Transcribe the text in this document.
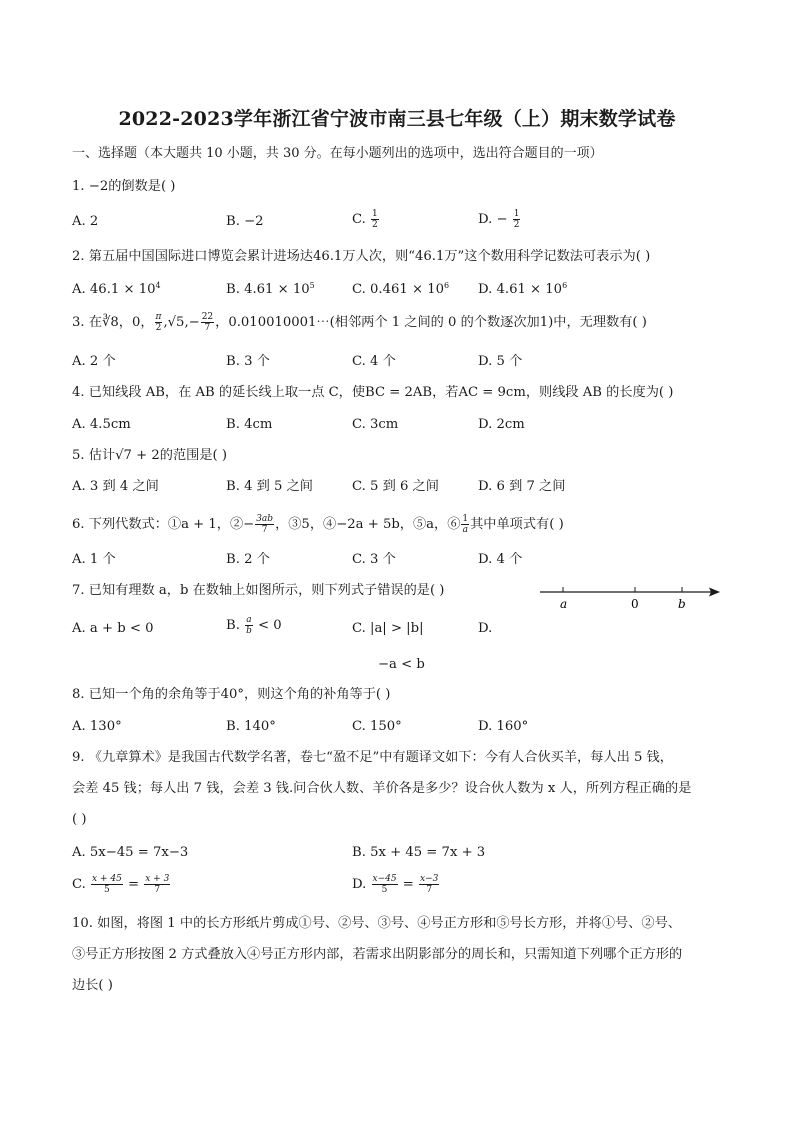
2022-2023学年浙江省宁波市南三县七年级（上）期末数学试卷
一、选择题（本大题共 10 小题，共 30 分。在每小题列出的选项中，选出符合题目的一项）
1. −2的倒数是( )
A. 2	B. −2	C. $\frac{1}{2}$	D. − $\frac{1}{2}$
2. 第五届中国国际进口博览会累计进场达46.1万人次，则“46.1万”这个数用科学记数法可表示为( )
A. $46.1 \times 10^4$	B. $4.61 \times 10^5$	C. $0.461 \times 10^6$ D. $4.61 \times 10^6$
3. 在∛8，0， $\frac{\pi}{2} ,√5,- \frac{22}{7}$ ，0.010010001⋯(相邻两个 1 之间的 0 的个数逐次加1)中，无理数有( )
A. 2 个	B. 3 个	C. 4 个	D. 5 个
4. 已知线段 AB，在 AB 的延长线上取一点 C，使BC = 2AB，若AC = 9cm，则线段 AB 的长度为( )
A. 4.5cm	B. 4cm	C. 3cm	D. 2cm
5. 估计√7 + 2的范围是( )
A. 3 到 4 之间	B. 4 到 5 之间	C. 5 到 6 之间	D. 6 到 7 之间
6. 下列代数式：①a + 1，②− $\frac{3ab}{7}$ ，③5，④−2a + 5b，⑤a，⑥ $\frac{1}{a}$ 其中单项式有( )
A. 1 个	B. 2 个	C. 3 个	D. 4 个
7. 已知有理数 a，b 在数轴上如图所示，则下列式子错误的是( )
a	0	b
A. a + b < 0	B. $\frac{a}{b} < 0$	C. |a| > |b|	D.
−a < b
8. 已知一个角的余角等于40°，则这个角的补角等于( )
A. 130°	B. 140°	C. 150°	D. 160°
9. 《九章算术》是我国古代数学名著，卷七“盈不足”中有题译文如下：今有人合伙买羊，每人出 5 钱，
会差 45 钱；每人出 7 钱，会差 3 钱.问合伙人数、羊价各是多少？设合伙人数为 x 人，所列方程正确的是
( )
A. 5x−45 = 7x−3	B. 5x + 45 = 7x + 3
C. $\frac{x + 45}{5} = \frac{x + 3}{7}$	D. $\frac{x-45}{5} = \frac{x-3}{7}$
10. 如图，将图 1 中的长方形纸片剪成①号、②号、③号、④号正方形和⑤号长方形，并将①号、②号、
③号正方形按图 2 方式叠放入④号正方形内部，若需求出阴影部分的周长和，只需知道下列哪个正方形的
边长( )
